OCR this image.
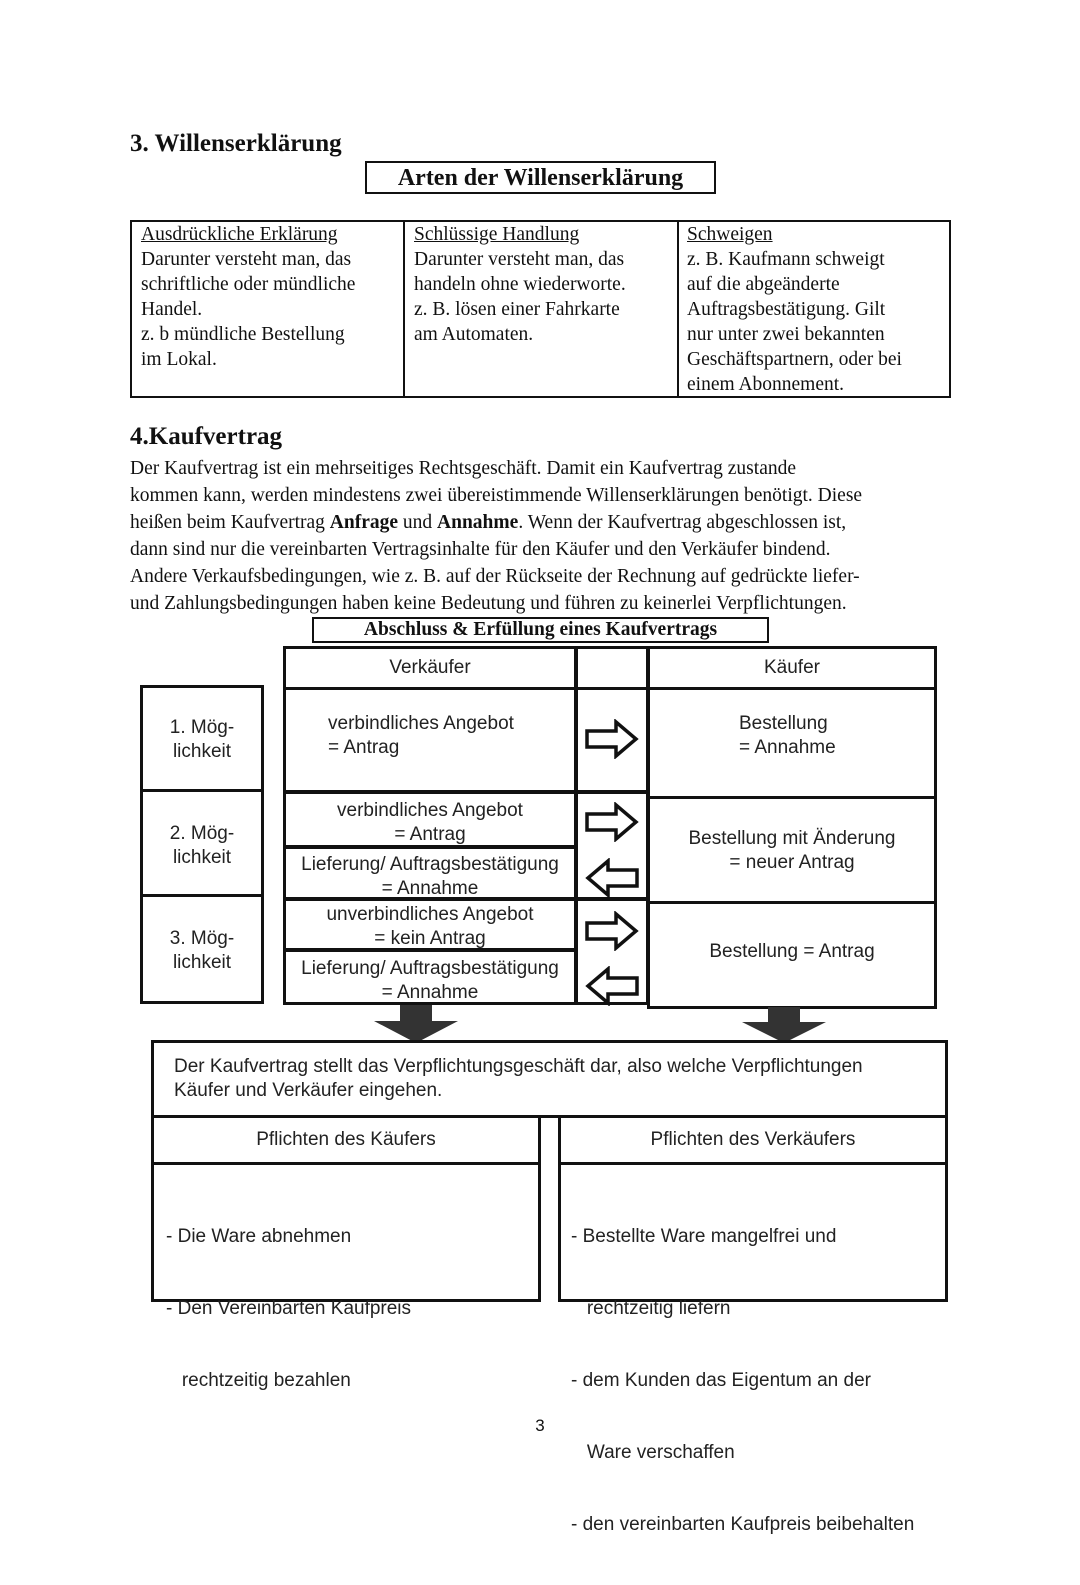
3. Willenserklärung
Arten der Willenserklärung
Ausdrückliche Erklärung
Darunter versteht man, das
schriftliche oder mündliche
Handel.
z. b mündliche Bestellung
im Lokal.
Schlüssige Handlung
Darunter versteht man, das
handeln ohne wiederworte.
z. B. lösen einer Fahrkarte
am Automaten.
Schweigen
z. B. Kaufmann schweigt
auf die abgeänderte
Auftragsbestätigung. Gilt
nur unter zwei bekannten
Geschäftspartnern, oder bei
einem Abonnement.
4.Kaufvertrag
Der Kaufvertrag ist ein mehrseitiges Rechtsgeschäft. Damit ein Kaufvertrag zustande
kommen kann, werden mindestens zwei übereistimmende Willenserklärungen benötigt. Diese
heißen beim Kaufvertrag Anfrage und Annahme. Wenn der Kaufvertrag abgeschlossen ist,
dann sind nur die vereinbarten Vertragsinhalte für den Käufer und den Verkäufer bindend.
Andere Verkaufsbedingungen, wie z. B. auf der Rückseite der Rechnung auf gedrückte liefer-
und Zahlungsbedingungen haben keine Bedeutung und führen zu keinerlei Verpflichtungen.
Abschluss & Erfüllung eines Kaufvertrags
Verkäufer	Käufer
1. Mög-
lichkeit
2. Mög-
lichkeit
3. Mög-
lichkeit
verbindliches Angebot
= Antrag
Bestellung
= Annahme
verbindliches Angebot
= Antrag
Lieferung/ Auftragsbestätigung
= Annahme
Bestellung mit Änderung
= neuer Antrag
unverbindliches Angebot
= kein Antrag
Lieferung/ Auftragsbestätigung
= Annahme
Bestellung = Antrag
Der Kaufvertrag stellt das Verpflichtungsgeschäft dar, also welche Verpflichtungen
Käufer und Verkäufer eingehen.
Pflichten des Käufers	Pflichten des Verkäufers

- Die Ware abnehmen

- Den Vereinbarten Kaufpreis

rechtzeitig bezahlen

- Bestellte Ware mangelfrei und

rechtzeitig liefern

- dem Kunden das Eigentum an der

Ware verschaffen

- den vereinbarten Kaufpreis beibehalten

3
